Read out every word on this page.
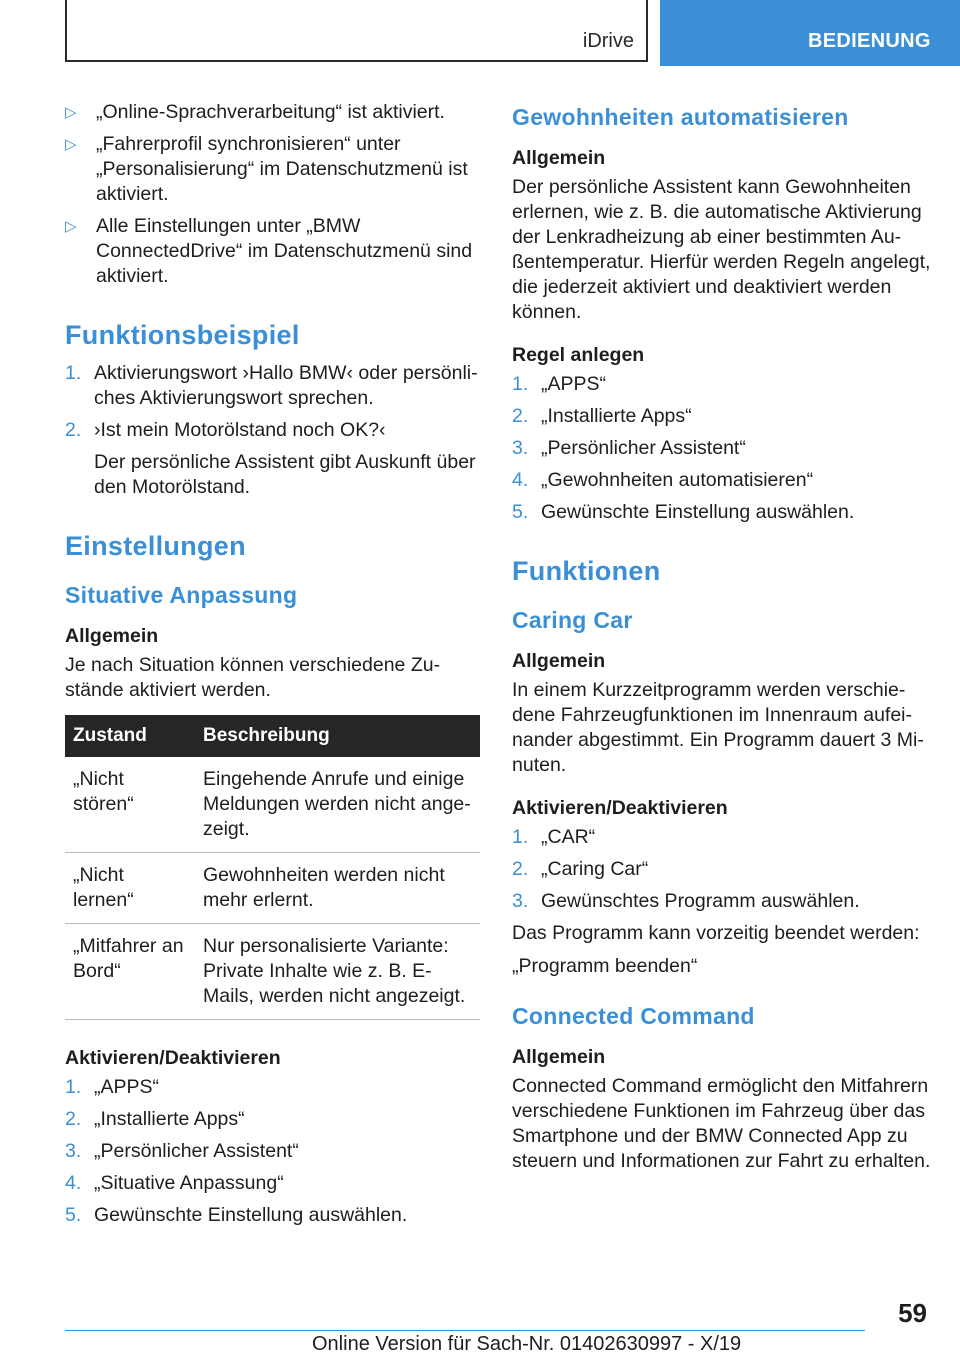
iDrive	BEDIENUNG
▷ „Online-Sprachverarbeitung“ ist aktiviert.
▷ „Fahrerprofil synchronisieren“ unter „Personalisierung“ im Datenschutzmenü ist aktiviert.
▷ Alle Einstellungen unter „BMW ConnectedDrive“ im Datenschutzmenü sind aktiviert.
Funktionsbeispiel
1. Aktivierungswort ›Hallo BMW‹ oder persönliches Aktivierungswort sprechen.
2. ›Ist mein Motorölstand noch OK?‹
Der persönliche Assistent gibt Auskunft über den Motorölstand.
Einstellungen
Situative Anpassung
Allgemein
Je nach Situation können verschiedene Zustände aktiviert werden.
Zustand	Beschreibung
„Nicht stören“	Eingehende Anrufe und einige Meldungen werden nicht angezeigt.
„Nicht lernen“	Gewohnheiten werden nicht mehr erlernt.
„Mitfahrer an Bord“	Nur personalisierte Variante: Private Inhalte wie z. B. E-Mails, werden nicht angezeigt.
Aktivieren/Deaktivieren
1. „APPS“
2. „Installierte Apps“
3. „Persönlicher Assistent“
4. „Situative Anpassung“
5. Gewünschte Einstellung auswählen.
Gewohnheiten automatisieren
Allgemein
Der persönliche Assistent kann Gewohnheiten erlernen, wie z. B. die automatische Aktivierung der Lenkradheizung ab einer bestimmten Außentemperatur. Hierfür werden Regeln angelegt, die jederzeit aktiviert und deaktiviert werden können.
Regel anlegen
1. „APPS“
2. „Installierte Apps“
3. „Persönlicher Assistent“
4. „Gewohnheiten automatisieren“
5. Gewünschte Einstellung auswählen.
Funktionen
Caring Car
Allgemein
In einem Kurzzeitprogramm werden verschiedene Fahrzeugfunktionen im Innenraum aufeinander abgestimmt. Ein Programm dauert 3 Minuten.
Aktivieren/Deaktivieren
1. „CAR“
2. „Caring Car“
3. Gewünschtes Programm auswählen.
Das Programm kann vorzeitig beendet werden:
„Programm beenden“
Connected Command
Allgemein
Connected Command ermöglicht den Mitfahrern verschiedene Funktionen im Fahrzeug über das Smartphone und der BMW Connected App zu steuern und Informationen zur Fahrt zu erhalten.
59
Online Version für Sach-Nr. 01402630997 - X/19
